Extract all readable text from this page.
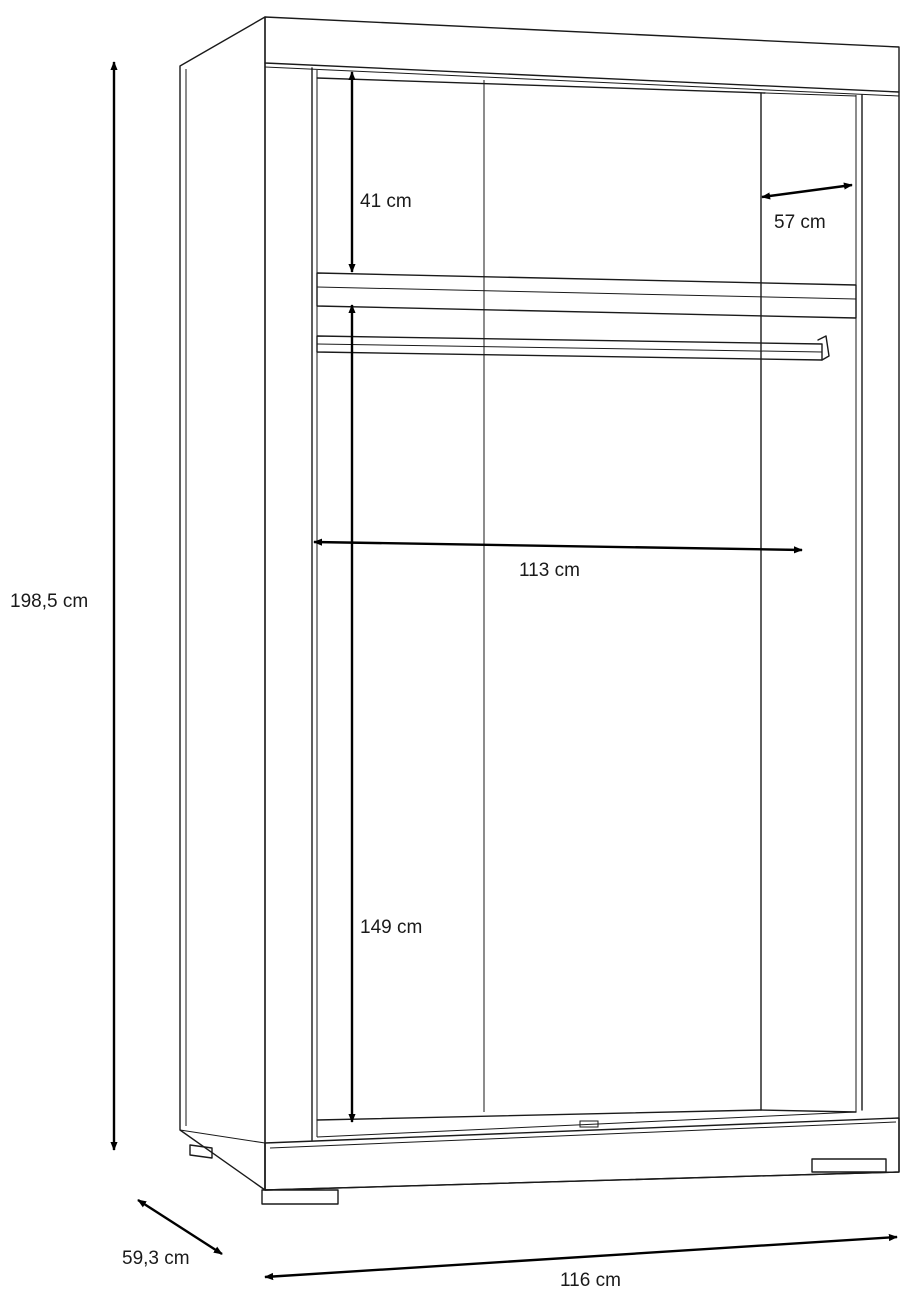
198,5 cm
59,3 cm
116 cm
41 cm
57 cm
113 cm
149 cm
